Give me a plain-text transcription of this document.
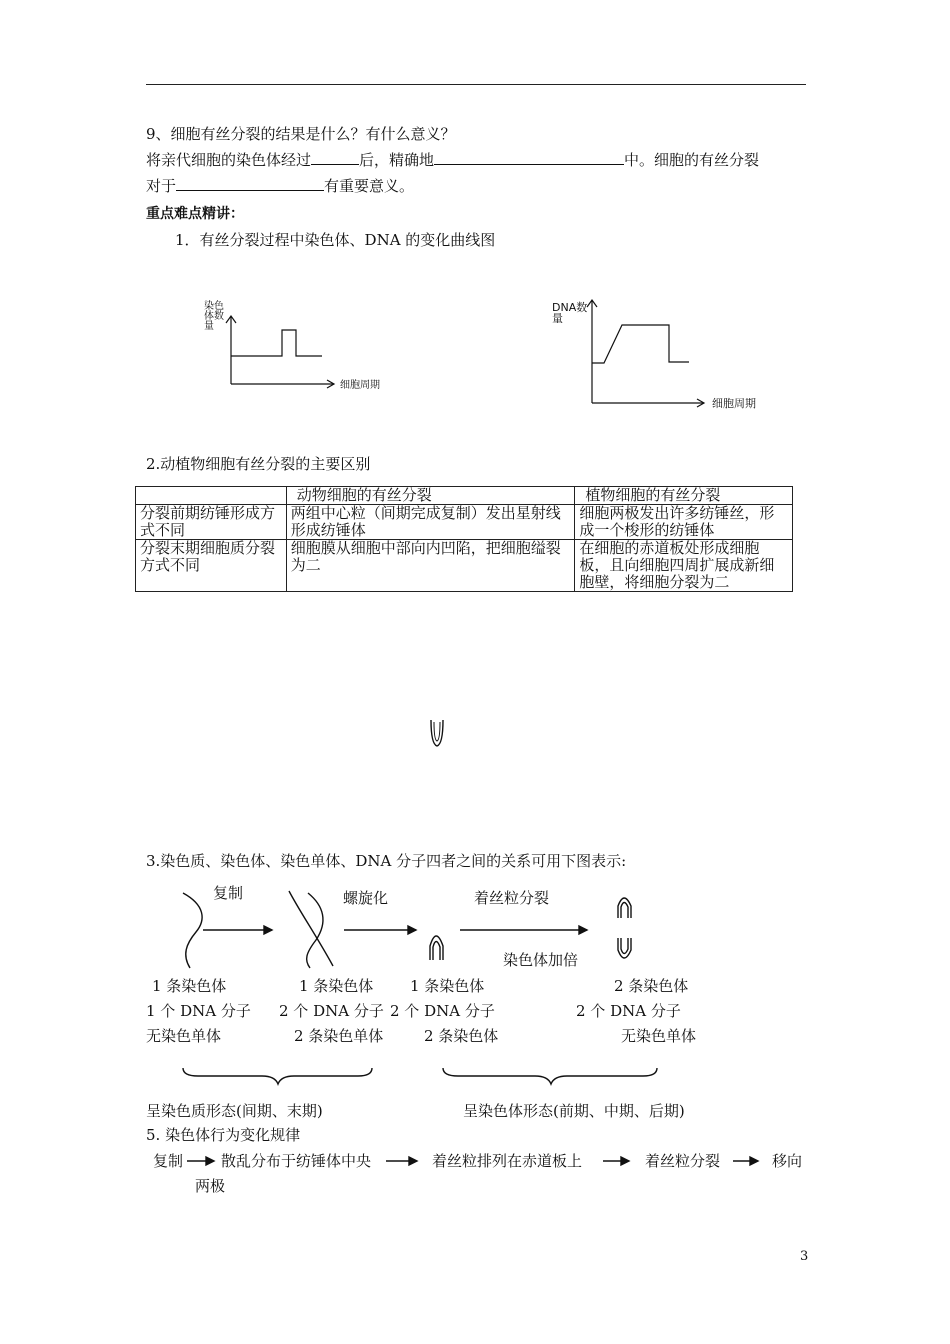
9、细胞有丝分裂的结果是什么？有什么意义？
将亲代细胞的染色体经过	后，精确地	中。细胞的有丝分裂
对于	有重要意义。
重点难点精讲：
1．有丝分裂过程中染色体、DNA 的变化曲线图
染色
体数
量
细胞周期
DNA数
量
细胞周期
2.动植物细胞有丝分裂的主要区别
	动物细胞的有丝分裂	植物细胞的有丝分裂
分裂前期纺锤形成方
式不同	两组中心粒（间期完成复制）发出星射线形成纺锤体	细胞两极发出许多纺锤丝，形成一个梭形的纺锤体
分裂末期细胞质分裂方式不同	细胞膜从细胞中部向内凹陷，把细胞缢裂为二	在细胞的赤道板处形成细胞板，且向细胞四周扩展成新细胞壁，将细胞分裂为二
3.染色质、染色体、染色单体、DNA 分子四者之间的关系可用下图表示:
复制	螺旋化	着丝粒分裂
染色体加倍
1 条染色体
1 个 DNA 分子
无染色单体
1 条染色体
2 个 DNA 分子
2 条染色单体
1 条染色体
2 个 DNA 分子
2 条染色体
2 条染色体
2 个 DNA 分子
无染色单体
呈染色质形态(间期、末期)	呈染色体形态(前期、中期、后期)
5. 染色体行为变化规律
复制	散乱分布于纺锤体中央	着丝粒排列在赤道板上	着丝粒分裂	移向
两极
3
